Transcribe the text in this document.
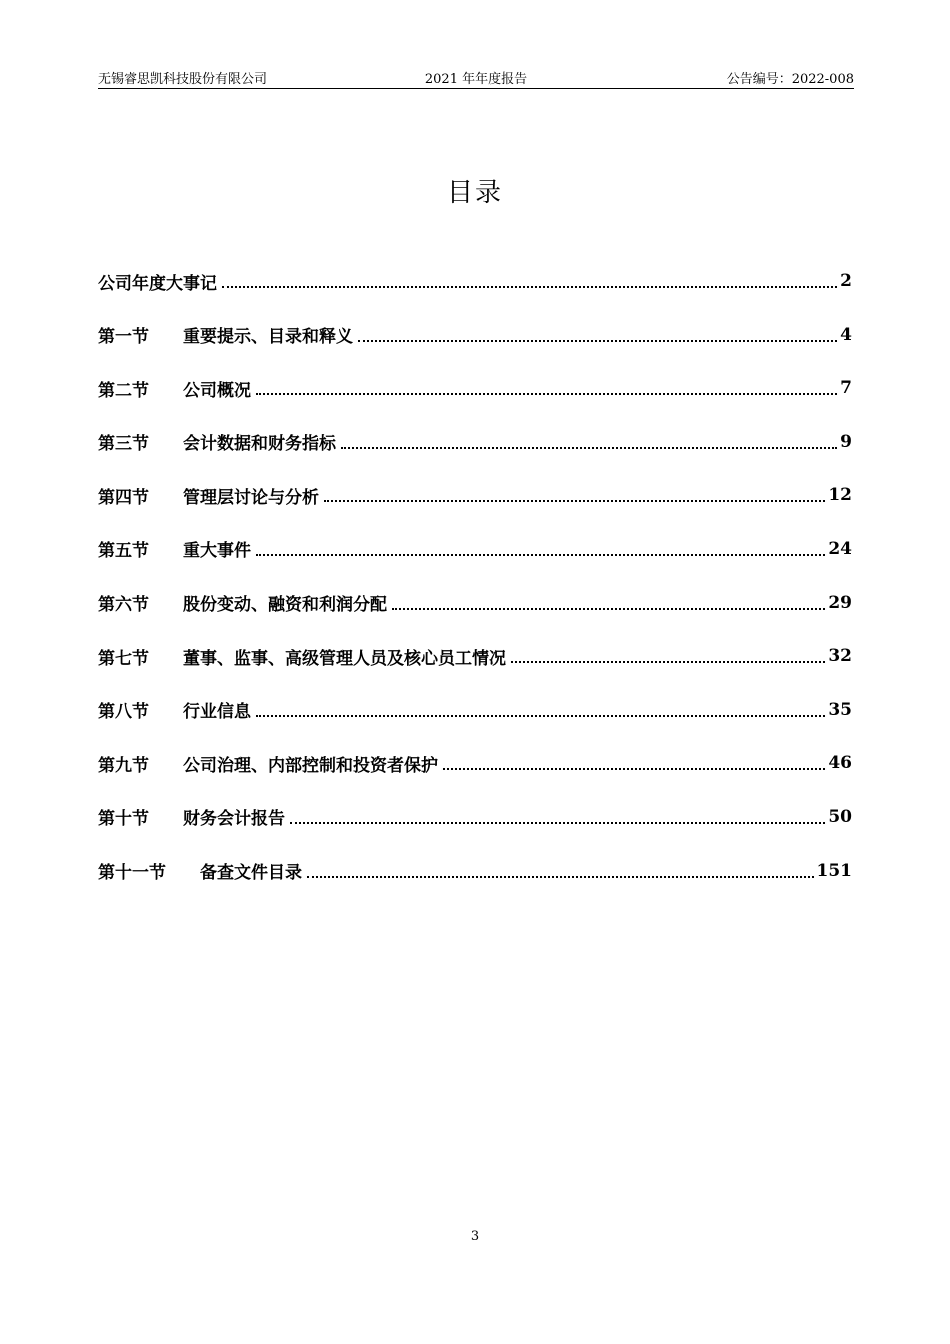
无锡睿思凯科技股份有限公司	2021 年年度报告	公告编号：2022-008
目录
公司年度大事记	2
第一节	重要提示、目录和释义	4
第二节	公司概况	7
第三节	会计数据和财务指标	9
第四节	管理层讨论与分析	12
第五节	重大事件	24
第六节	股份变动、融资和利润分配	29
第七节	董事、监事、高级管理人员及核心员工情况	32
第八节	行业信息	35
第九节	公司治理、内部控制和投资者保护	46
第十节	财务会计报告	50
第十一节	备查文件目录	151
3
